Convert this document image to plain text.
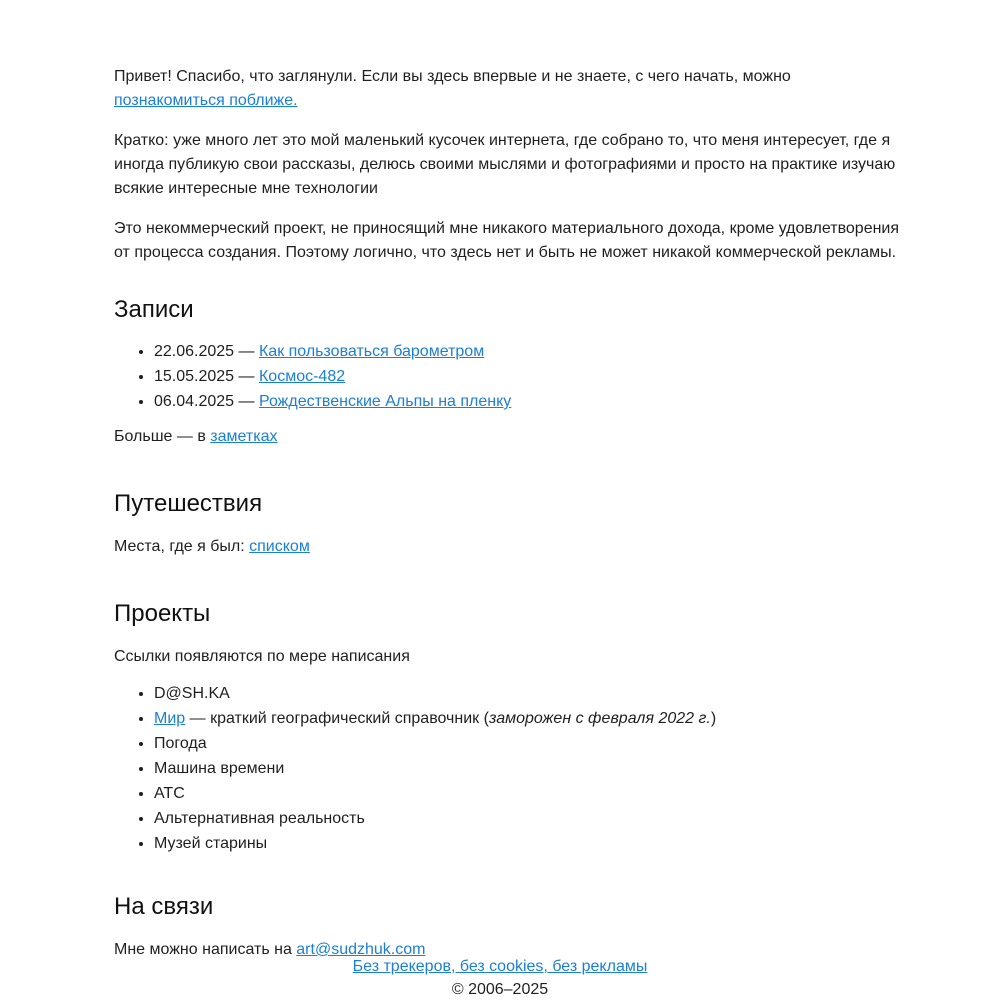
Привет! Спасибо, что заглянули. Если вы здесь впервые и не знаете, с чего начать, можно познакомиться поближе.

Кратко: уже много лет это мой маленький кусочек интернета, где собрано то, что меня интересует, где я иногда публикую свои рассказы, делюсь своими мыслями и фотографиями и просто на практике изучаю всякие интересные мне технологии

Это некоммерческий проект, не приносящий мне никакого материального дохода, кроме удовлетворения от процесса создания. Поэтому логично, что здесь нет и быть не может никакой коммерческой рекламы.

Записи
• 22.06.2025 — Как пользоваться барометром
• 15.05.2025 — Космос-482
• 06.04.2025 — Рождественские Альпы на пленку

Больше — в заметках

Путешествия

Места, где я был: списком

Проекты

Ссылки появляются по мере написания

• D@SH.KA
• Мир — краткий географический справочник (заморожен с февраля 2022 г.)
• Погода
• Машина времени
• АТС
• Альтернативная реальность
• Музей старины
На связи

Мне можно написать на art@sudzhuk.com

Без трекеров, без cookies, без рекламы
© 2006–2025
